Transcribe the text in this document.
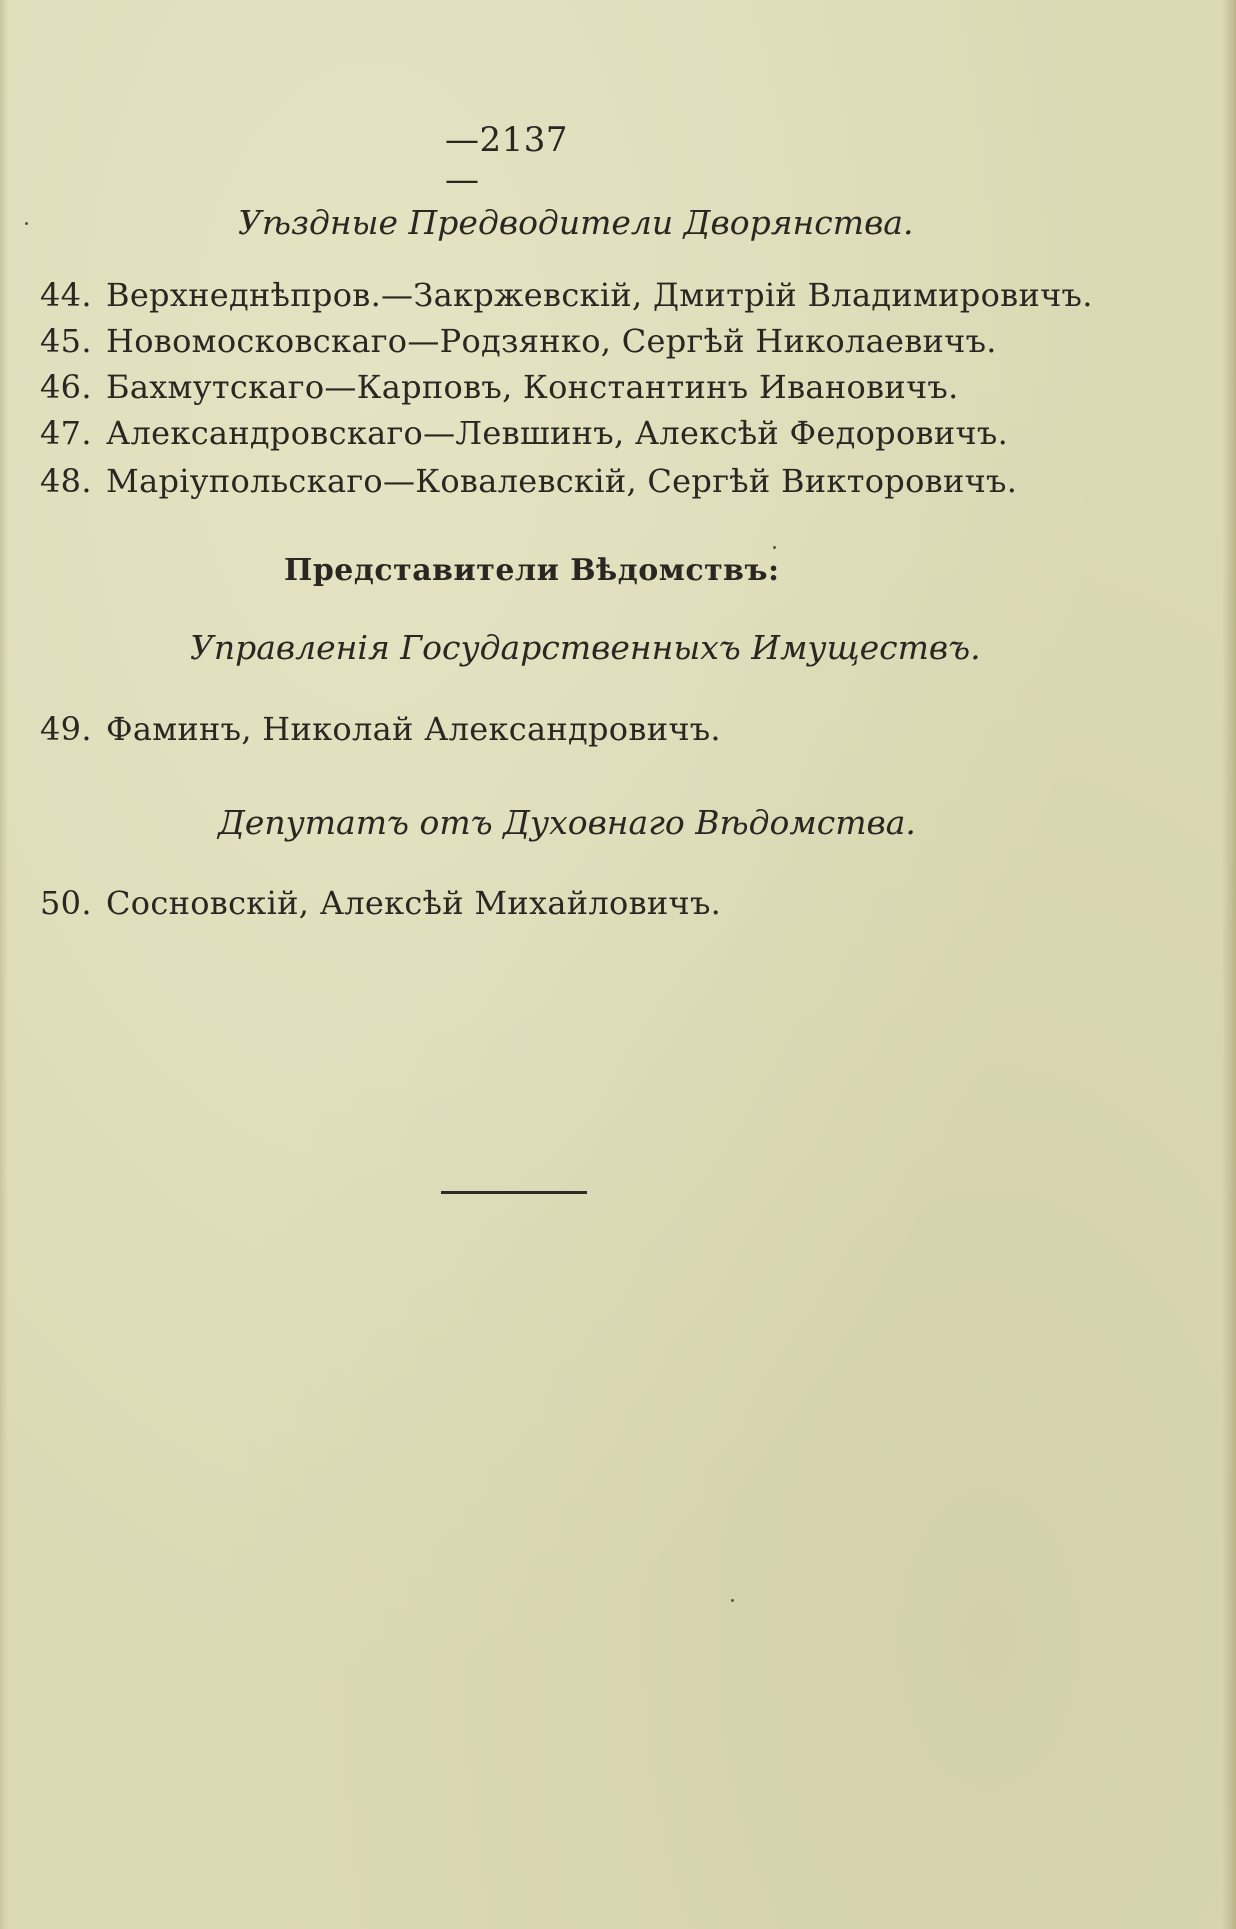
—2137—
Уѣздные Предводители Дворянства.
44. Верхнеднѣпров.—Закржевскій, Дмитрій Владимировичъ.
45. Новомосковскаго—Родзянко, Сергѣй Николаевичъ.
46. Бахмутскаго—Карповъ, Константинъ Ивановичъ.
47. Александровскаго—Левшинъ, Алексѣй Федоровичъ.
48. Маріупольскаго—Ковалевскій, Сергѣй Викторовичъ.
Представители Вѣдомствъ:
Управленія Государственныхъ Имуществъ.
49. Фаминъ, Николай Александровичъ.
Депутатъ отъ Духовнаго Вѣдомства.
50. Сосновскій, Алексѣй Михайловичъ.
